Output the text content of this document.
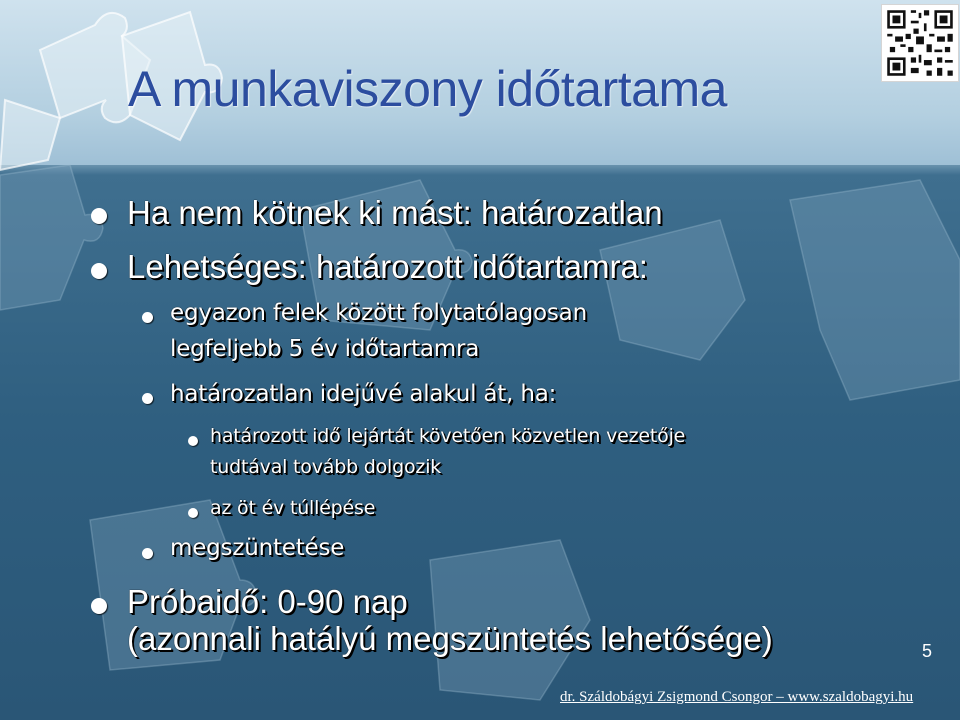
A munkaviszony időtartama

Ha nem kötnek ki mást: határozatlan

Lehetséges: határozott időtartamra:

egyazon felek között folytatólagosan

legfeljebb 5 év időtartamra

határozatlan idejűvé alakul át, ha:

határozott idő lejártát követően közvetlen vezetője

tudtával tovább dolgozik

az öt év túllépése

megszüntetése

Próbaidő: 0-90 nap

(azonnali hatályú megszüntetés lehetősége)	5

dr. Száldobágyi Zsigmond Csongor – www.szaldobagyi.hu
